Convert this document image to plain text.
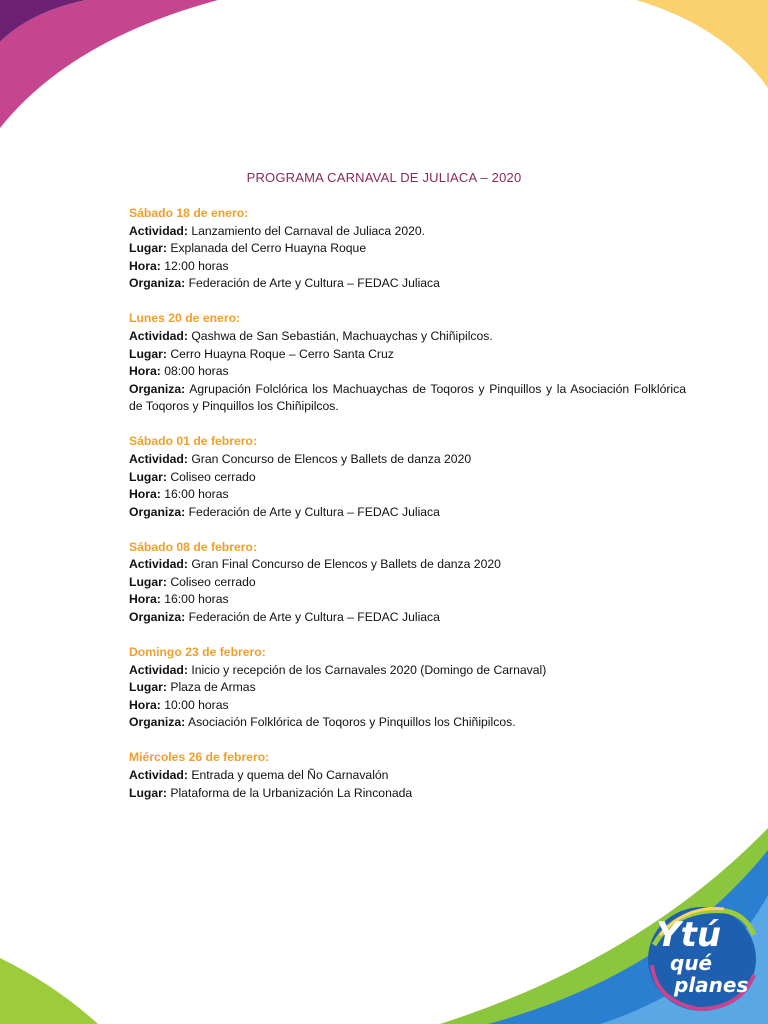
Ytú
qué
planes
PROGRAMA CARNAVAL DE JULIACA – 2020
Sábado 18 de enero:
Actividad: Lanzamiento del Carnaval de Juliaca 2020.
Lugar: Explanada del Cerro Huayna Roque
Hora: 12:00 horas
Organiza: Federación de Arte y Cultura – FEDAC Juliaca
Lunes 20 de enero:
Actividad: Qashwa de San Sebastián, Machuaychas y Chiñipilcos.
Lugar: Cerro Huayna Roque – Cerro Santa Cruz
Hora: 08:00 horas
Organiza: Agrupación Folclórica los Machuaychas de Toqoros y Pinquillos y la Asociación Folklórica de Toqoros y Pinquillos los Chiñipilcos.
Sábado 01 de febrero:
Actividad: Gran Concurso de Elencos y Ballets de danza 2020
Lugar: Coliseo cerrado
Hora: 16:00 horas
Organiza: Federación de Arte y Cultura – FEDAC Juliaca
Sábado 08 de febrero:
Actividad: Gran Final Concurso de Elencos y Ballets de danza 2020
Lugar: Coliseo cerrado
Hora: 16:00 horas
Organiza: Federación de Arte y Cultura – FEDAC Juliaca
Domingo 23 de febrero:
Actividad: Inicio y recepción de los Carnavales 2020 (Domingo de Carnaval)
Lugar: Plaza de Armas
Hora: 10:00 horas
Organiza: Asociación Folklórica de Toqoros y Pinquillos los Chiñipilcos.
Miércoles 26 de febrero:
Actividad: Entrada y quema del Ño Carnavalón
Lugar: Plataforma de la Urbanización La Rinconada
